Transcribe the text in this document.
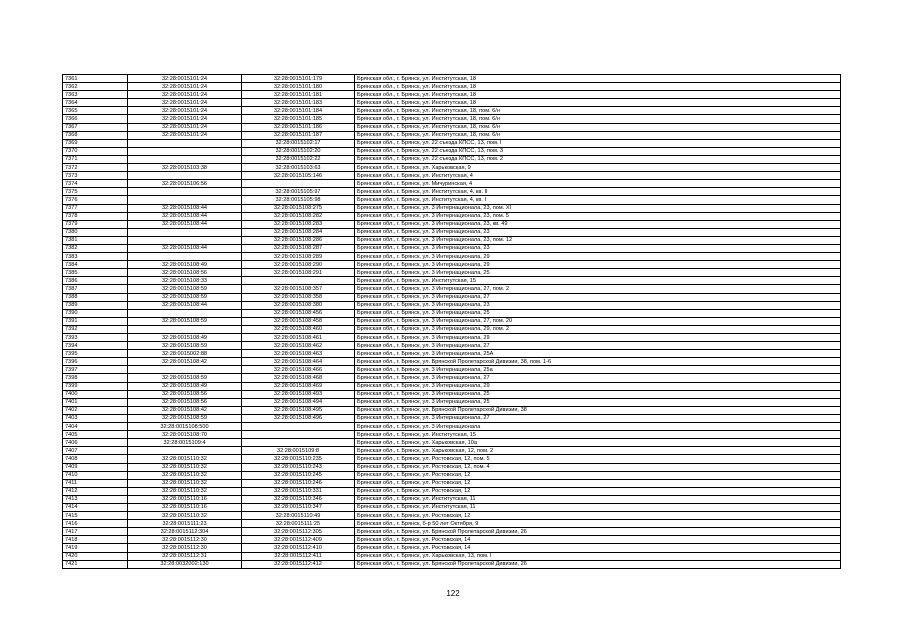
7361	32:28:0015101:24	32:28:0015101:179	Брянская обл., г. Брянск, ул. Институтская, 18
7362	32:28:0015101:24	32:28:0015101:180	Брянская обл., г. Брянск, ул. Институтская, 18
7363	32:28:0015101:24	32:28:0015101:181	Брянская обл., г. Брянск, ул. Институтская, 18
7364	32:28:0015101:24	32:28:0015101:183	Брянская обл., г. Брянск, ул. Институтская, 18
7365	32:28:0015101:24	32:28:0015101:184	Брянская обл., г. Брянск, ул. Институтская, 18, пом. 6/н
7366	32:28:0015101:24	32:28:0015101:185	Брянская обл., г. Брянск, ул. Институтская, 18, пом. 6/н
7367	32:28:0015101:24	32:28:0015101:186	Брянская обл., г. Брянск, ул. Институтская, 18, пом. 6/н
7368	32:28:0015101:24	32:28:0015101:187	Брянская обл., г. Брянск, ул. Институтская, 18, пом. 6/н
7369		32:28:0015102:17	Брянская обл., г. Брянск, ул. 22 съезда КПСС, 13, пом. I
7370		32:28:0015102:20	Брянская обл., г. Брянск, ул. 22 съезда КПСС, 13, пом. 3
7371		32:28:0015102:22	Брянская обл., г. Брянск, ул. 22 съезда КПСС, 13, пом. 2
7372	32:28:0015103:38	32:28:0015103:63	Брянская обл., г. Брянск, ул. Харьковская, 9
7373		32:28:0015105:146	Брянская обл., г. Брянск, ул. Институтская, 4
7374	32:28:0015106:56		Брянская обл., г. Брянск, ул. Мичуринская, 4
7375		32:28:0015105:97	Брянская обл., г. Брянск, ул. Институтская, 4, кв. II
7376		32:28:0015105:98	Брянская обл., г. Брянск, ул. Институтская, 4, кв. I
7377	32:28:0015108:44	32:28:0015108:275	Брянская обл., г. Брянск, ул. 3 Интернационала, 23, пом. XI
7378	32:28:0015108:44	32:28:0015108:282	Брянская обл., г. Брянск, ул. 3 Интернационала, 23, пом. 5
7379	32:28:0015108:44	32:28:0015108:283	Брянская обл., г. Брянск, ул. 3 Интернационала, 23, кв. 49
7380		32:28:0015108:284	Брянская обл., г. Брянск, ул. 3 Интернационала, 23
7381		32:28:0015108:286	Брянская обл., г. Брянск, ул. 3 Интернационала, 23, пом. 12
7382	32:28:0015108:44	32:28:0015108:287	Брянская обл., г. Брянск, ул. 3 Интернационала, 23
7383		32:28:0015108:289	Брянская обл., г. Брянск, ул. 3 Интернационала, 29
7384	32:28:0015108:49	32:28:0015108:290	Брянская обл., г. Брянск, ул. 3 Интернационала, 29
7385	32:28:0015108:56	32:28:0015108:291	Брянская обл., г. Брянск, ул. 3 Интернационала, 25
7386	32:28:0015108:33		Брянская обл., г. Брянск, ул. Институтская, 15
7387	32:28:0015108:59	32:28:0015108:357	Брянская обл., г. Брянск, ул. 3 Интернационала, 27, пом. 2
7388	32:28:0015108:59	32:28:0015108:358	Брянская обл., г. Брянск, ул. 3 Интернационала, 27
7389	32:28:0015108:44	32:28:0015108:380	Брянская обл., г. Брянск, ул. 3 Интернационала, 23
7390		32:28:0015108:456	Брянская обл., г. Брянск, ул. 3 Интернационала, 25
7391	32:28:0015108:59	32:28:0015108:458	Брянская обл., г. Брянск, ул. 3 Интернационала, 27, пом. 20
7392		32:28:0015108:460	Брянская обл., г. Брянск, ул. 3 Интернационала, 29, пом. 2
7393	32:28:0015108:49	32:28:0015108:461	Брянская обл., г. Брянск, ул. 3 Интернационала, 29
7394	32:28:0015108:59	32:28:0015108:462	Брянская обл., г. Брянск, ул. 3 Интернационала, 27
7395	32:28:0015002:88	32:28:0015108:463	Брянская обл., г. Брянск, ул. 3 Интернационала, 25А
7396	32:28:0015108:42	32:28:0015108:464	Брянская обл., г. Брянск, ул. Брянской Пролетарской Дивизии, 38, пом. 1-6
7397		32:28:0015108:466	Брянская обл., г. Брянск, ул. 3 Интернационала, 25а
7398	32:28:0015108:59	32:28:0015108:468	Брянская обл., г. Брянск, ул. 3 Интернационала, 27
7399	32:28:0015108:49	32:28:0015108:469	Брянская обл., г. Брянск, ул. 3 Интернационала, 29
7400	32:28:0015108:56	32:28:0015108:493	Брянская обл., г. Брянск, ул. 3 Интернационала, 25
7401	32:28:0015108:56	32:28:0015108:494	Брянская обл., г. Брянск, ул. 3 Интернационала, 25
7402	32:28:0015108:42	32:28:0015108:495	Брянская обл., г. Брянск, ул. Брянской Пролетарской Дивизии, 38
7403	32:28:0015108:59	32:28:0015108:496	Брянская обл., г. Брянск, ул. 3 Интернационала, 27
7404	32:28:0015108:500		Брянская обл., г. Брянск, ул. 3 Интернационала
7405	32:28:0015108:70		Брянская обл., г. Брянск, ул. Институтская, 15
7406	32:28:0015109:4		Брянская обл., г. Брянск, ул. Харьковская, 10а
7407		32:28:0015109:8	Брянская обл., г. Брянск, ул. Харьковская, 12, пом. 2
7408	32:28:0015110:32	32:28:0015110:235	Брянская обл., г. Брянск, ул. Ростовская, 12, пом. 5
7409	32:28:0015110:32	32:28:0015110:243	Брянская обл., г. Брянск, ул. Ростовская, 12, пом. 4
7410	32:28:0015110:32	32:28:0015110:245	Брянская обл., г. Брянск, ул. Ростовская, 12
7411	32:28:0015110:32	32:28:0015110:246	Брянская обл., г. Брянск, ул. Ростовская, 12
7412	32:28:0015110:32	32:28:0015110:331	Брянская обл., г. Брянск, ул. Ростовская, 12
7413	32:28:0015110:16	32:28:0015110:346	Брянская обл., г. Брянск, ул. Институтская, 11
7414	32:28:0015110:16	32:28:0015110:347	Брянская обл., г. Брянск, ул. Институтская, 11
7415	32:28:0015110:32	32:28:0015110:49	Брянская обл., г. Брянск, ул. Ростовская, 12
7416	32:28:0015111:23	32:28:0015111:25	Брянская обл., г. Брянск, б-р 50 лет Октября, 9
7417	32:28:0015112:304	32:28:0015112:305	Брянская обл., г. Брянск, ул. Брянской Пролетарской Дивизии, 26
7418	32:28:0015112:30	32:28:0015112:409	Брянская обл., г. Брянск, ул. Ростовская, 14
7419	32:28:0015112:30	32:28:0015112:410	Брянская обл., г. Брянск, ул. Ростовская, 14
7420	32:28:0015112:31	32:28:0015112:411	Брянская обл., г. Брянск, ул. Харьковская, 13, пом. I
7421	32:28:0032002:130	32:28:0015112:412	Брянская обл., г. Брянск, ул. Брянской Пролетарской Дивизии, 26
122
